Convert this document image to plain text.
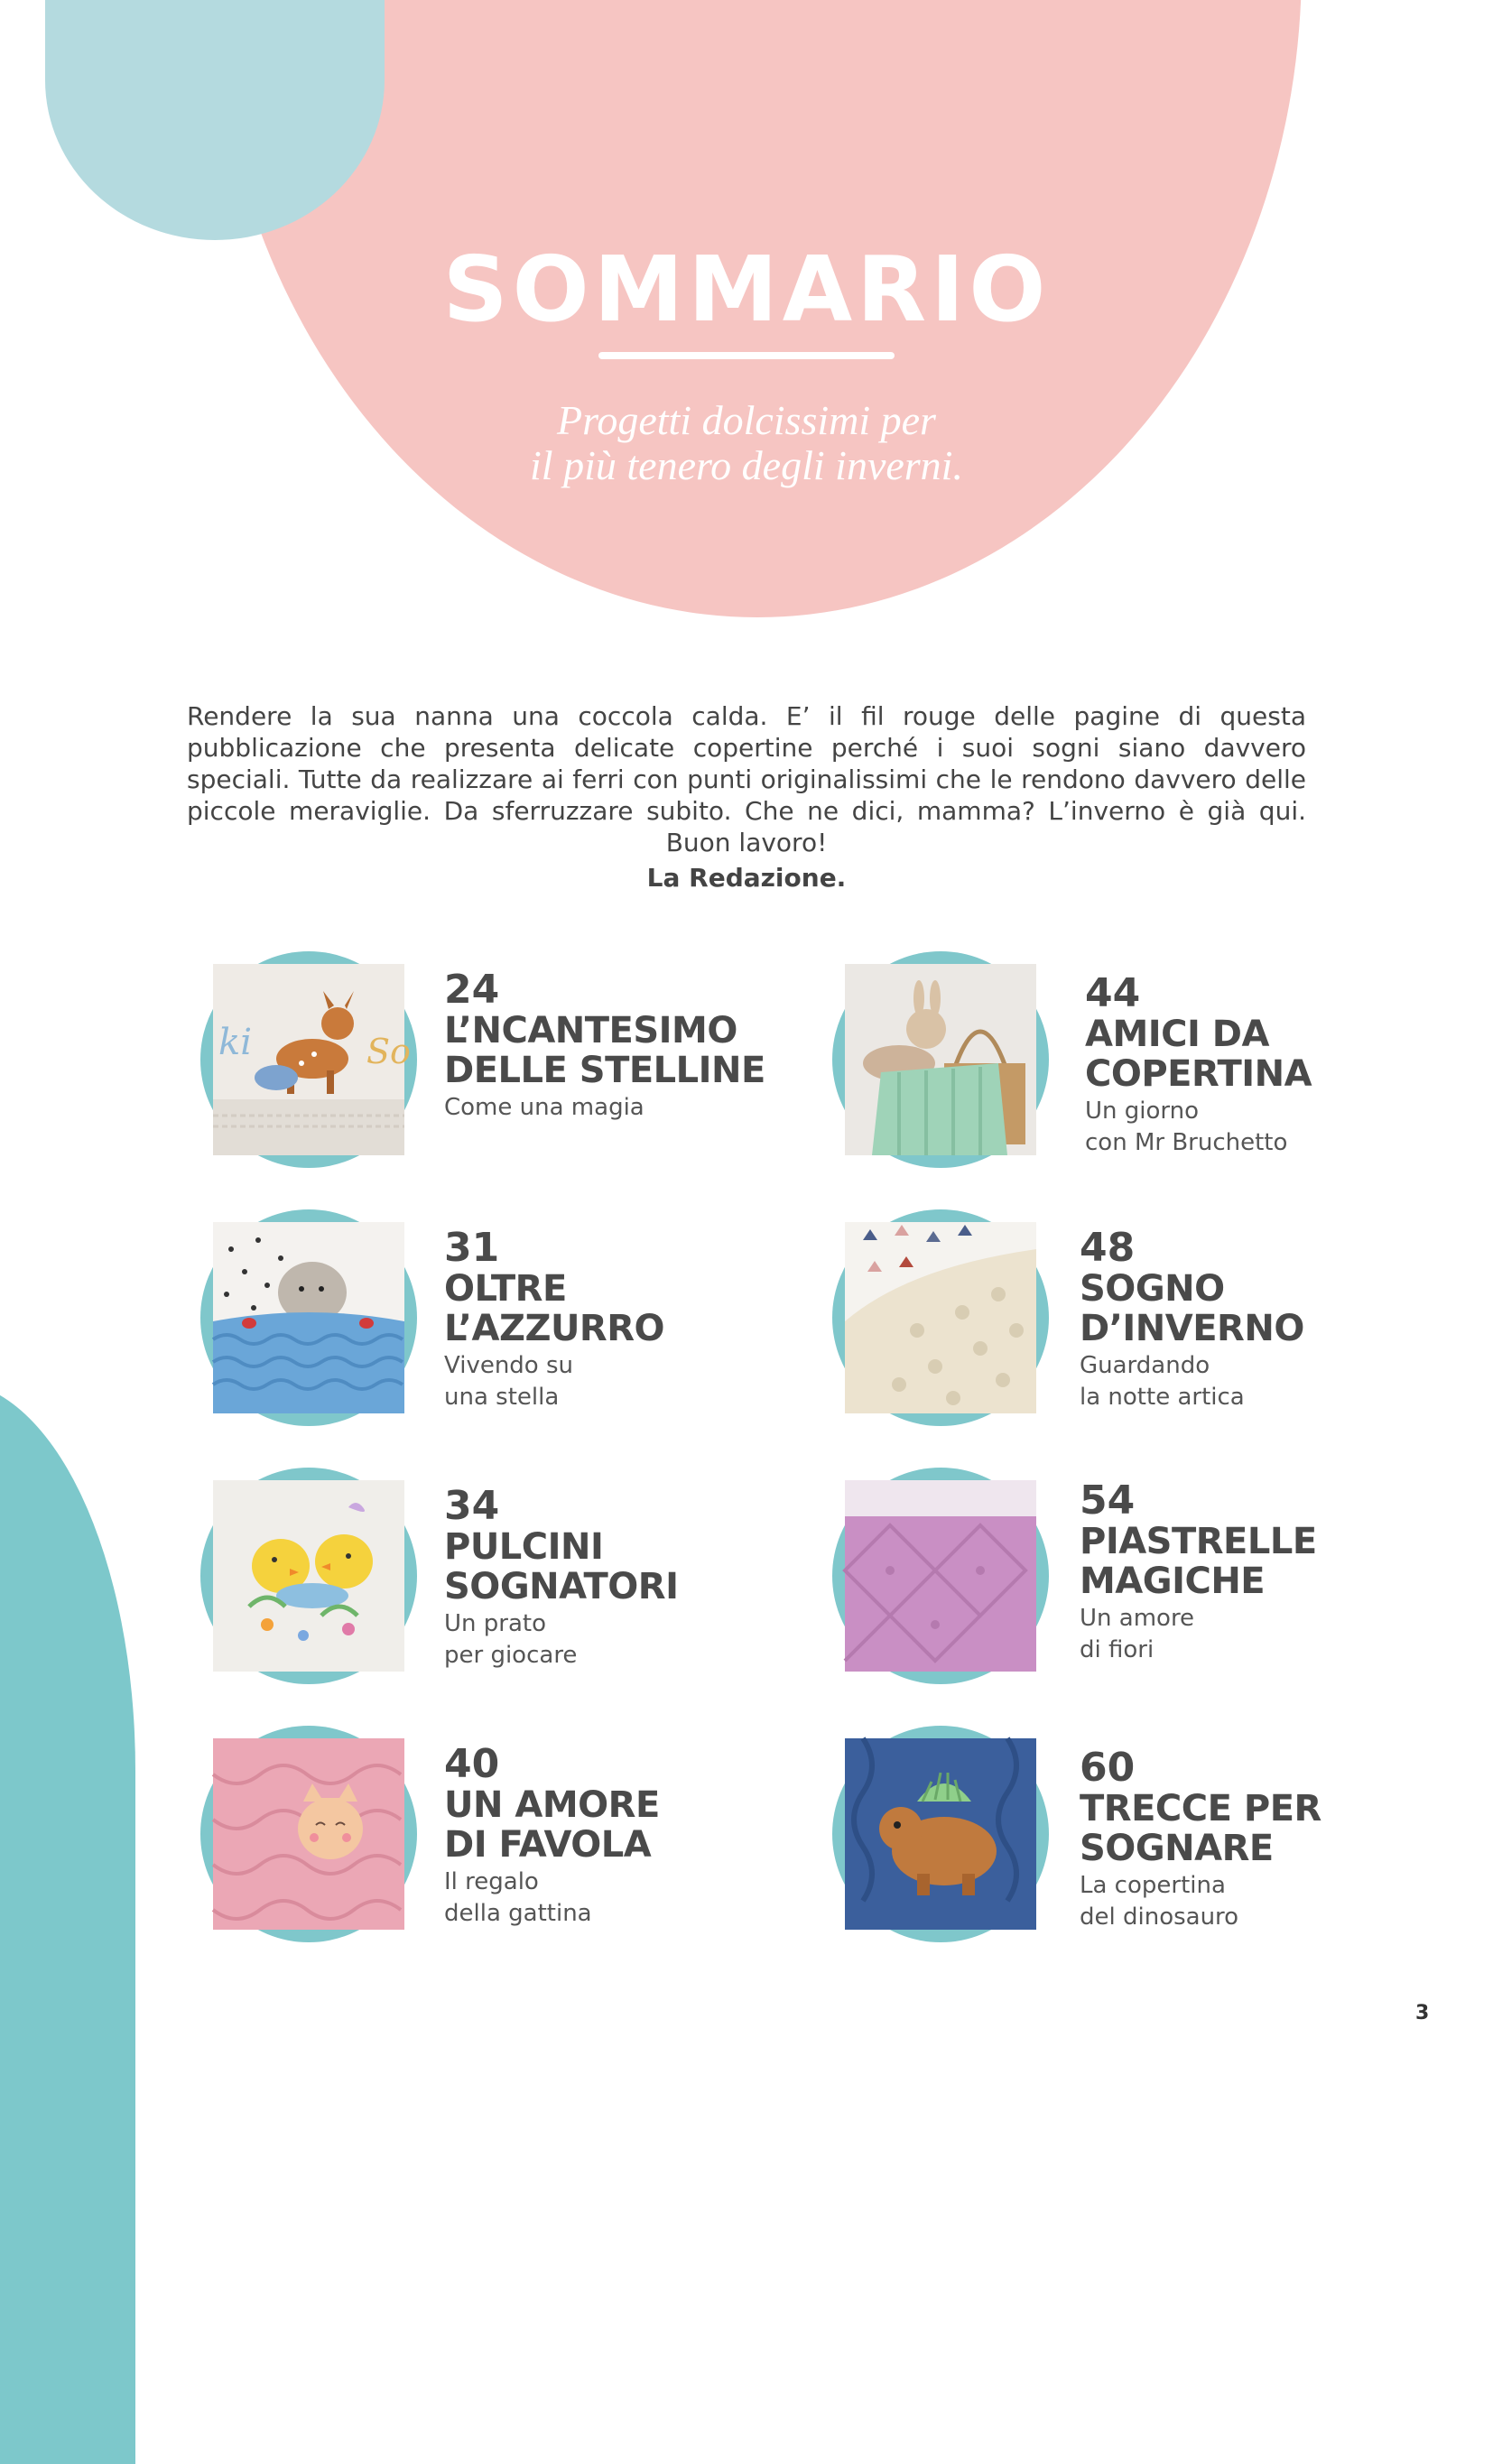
SOMMARIO
Progetti dolcissimi per
il più tenero degli inverni.

Rendere la sua nanna una coccola calda. E’ il fil rouge delle pagine di questa pubblicazione che presenta delicate copertine perché i suoi sogni siano davvero speciali. Tutte da realizzare ai ferri con punti originalissimi che le rendono davvero delle piccole meraviglie. Da sferruzzare subito. Che ne dici, mamma? L’inverno è già qui. Buon lavoro!

La Redazione.
ki	So
24
L’NCANTESIMO
DELLE STELLINE
Come una magia
44
AMICI DA
COPERTINA
Un giorno
con Mr Bruchetto
31
OLTRE
L’AZZURRO
Vivendo su
una stella
48
SOGNO
D’INVERNO
Guardando
la notte artica
34
PULCINI
SOGNATORI
Un prato
per giocare
54
PIASTRELLE
MAGICHE
Un amore
di fiori
40
UN AMORE
DI FAVOLA
Il regalo
della gattina
60
TRECCE PER
SOGNARE
La copertina
del dinosauro
3
